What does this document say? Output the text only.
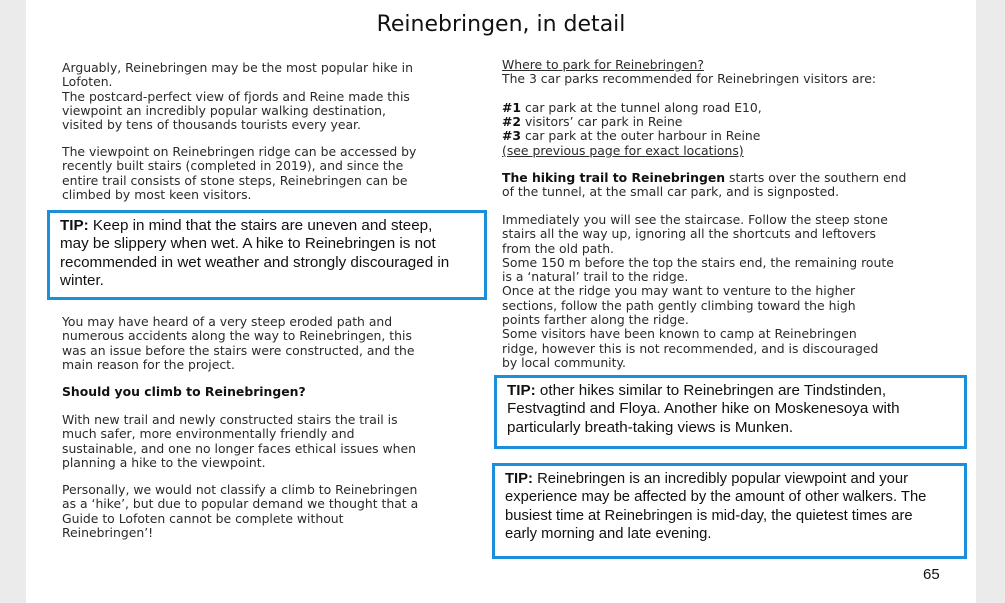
Reinebringen, in detail

Arguably, Reinebringen may be the most popular hike in

Lofoten.

The postcard-perfect view of fjords and Reine made this

viewpoint an incredibly popular walking destination,

visited by tens of thousands tourists every year.

The viewpoint on Reinebringen ridge can be accessed by

recently built stairs (completed in 2019), and since the

entire trail consists of stone steps, Reinebringen can be

climbed by most keen visitors.

TIP: Keep in mind that the stairs are uneven and steep,
may be slippery when wet. A hike to Reinebringen is not
recommended in wet weather and strongly discouraged in
winter.

You may have heard of a very steep eroded path and

numerous accidents along the way to Reinebringen, this

was an issue before the stairs were constructed, and the

main reason for the project.

Should you climb to Reinebringen?

With new trail and newly constructed stairs the trail is

much safer, more environmentally friendly and

sustainable, and one no longer faces ethical issues when

planning a hike to the viewpoint.

Personally, we would not classify a climb to Reinebringen

as a ‘hike’, but due to popular demand we thought that a

Guide to Lofoten cannot be complete without

Reinebringen’!

Where to park for Reinebringen?

The 3 car parks recommended for Reinebringen visitors are:

#1 car park at the tunnel along road E10,

#2 visitors’ car park in Reine

#3 car park at the outer harbour in Reine

(see previous page for exact locations)

The hiking trail to Reinebringen starts over the southern end

of the tunnel, at the small car park, and is signposted.

Immediately you will see the staircase. Follow the steep stone

stairs all the way up, ignoring all the shortcuts and leftovers

from the old path.

Some 150 m before the top the stairs end, the remaining route

is a ‘natural’ trail to the ridge.

Once at the ridge you may want to venture to the higher

sections, follow the path gently climbing toward the high

points farther along the ridge.

Some visitors have been known to camp at Reinebringen

ridge, however this is not recommended, and is discouraged

by local community.

TIP: other hikes similar to Reinebringen are Tindstinden,
Festvagtind and Floya. Another hike on Moskenesoya with
particularly breath-taking views is Munken.
TIP: Reinebringen is an incredibly popular viewpoint and your
experience may be affected by the amount of other walkers. The
busiest time at Reinebringen is mid-day, the quietest times are
early morning and late evening.
65
